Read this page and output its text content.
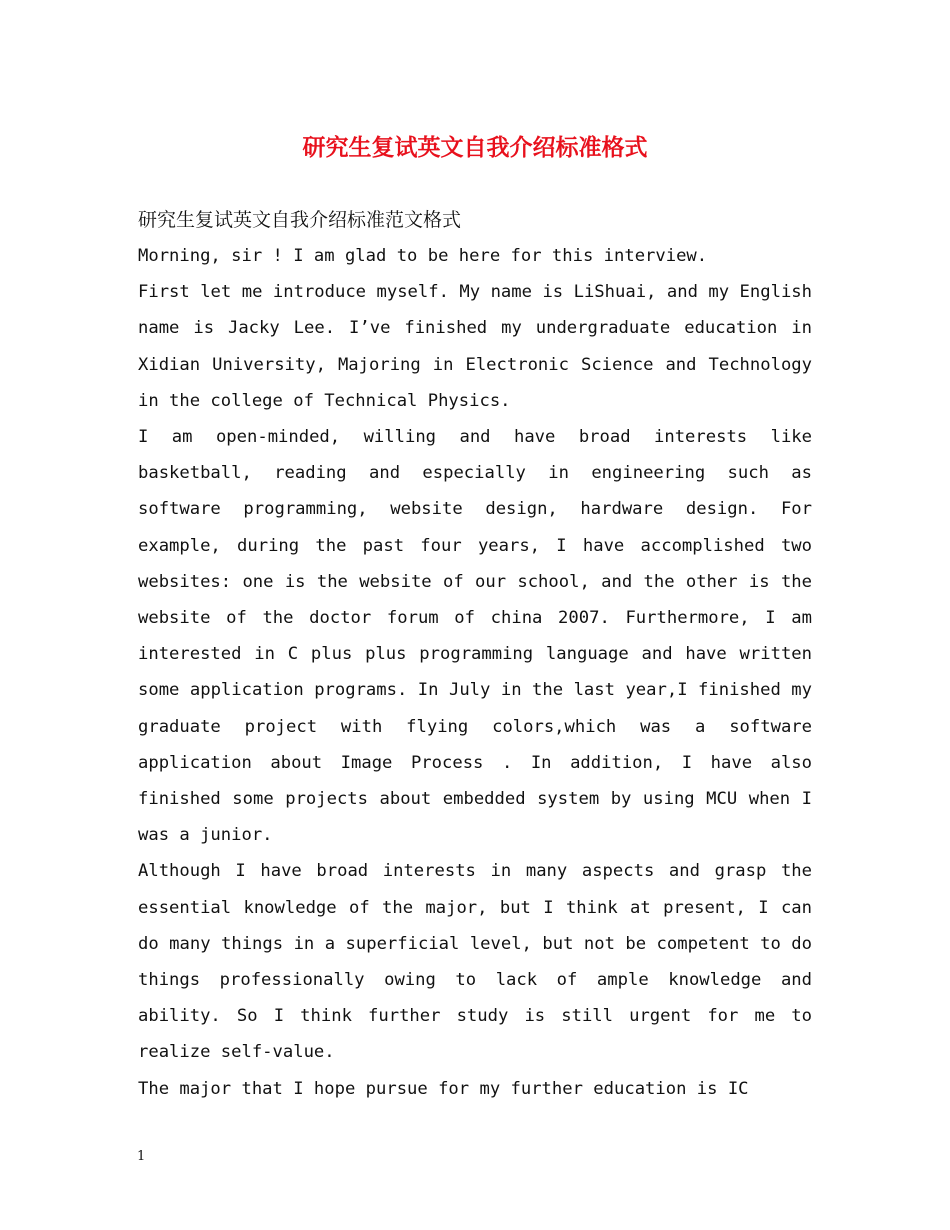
研究生复试英文自我介绍标准格式

研究生复试英文自我介绍标准范文格式

Morning, sir ! I am glad to be here for this interview.

First let me introduce myself. My name is LiShuai, and my English name is Jacky Lee. I’ve finished my undergraduate education in Xidian University, Majoring in Electronic Science and Technology in the college of Technical Physics.

I am open-minded, willing and have broad interests like basketball, reading and especially in engineering such as software programming, website design, hardware design. For example, during the past four years, I have accomplished two websites: one is the website of our school, and the other is the website of the doctor forum of china 2007. Furthermore, I am interested in C plus plus programming language and have written some application programs. In July in the last year,I finished my graduate project with flying colors,which was a software application about Image Process . In addition, I have also finished some projects about embedded system by using MCU when I was a junior.

Although I have broad interests in many aspects and grasp the essential knowledge of the major, but I think at present, I can do many things in a superficial level, but not be competent to do things professionally owing to lack of ample knowledge and ability. So I think further study is still urgent for me to realize self-value.

The major that I hope pursue for my further education is IC

1
